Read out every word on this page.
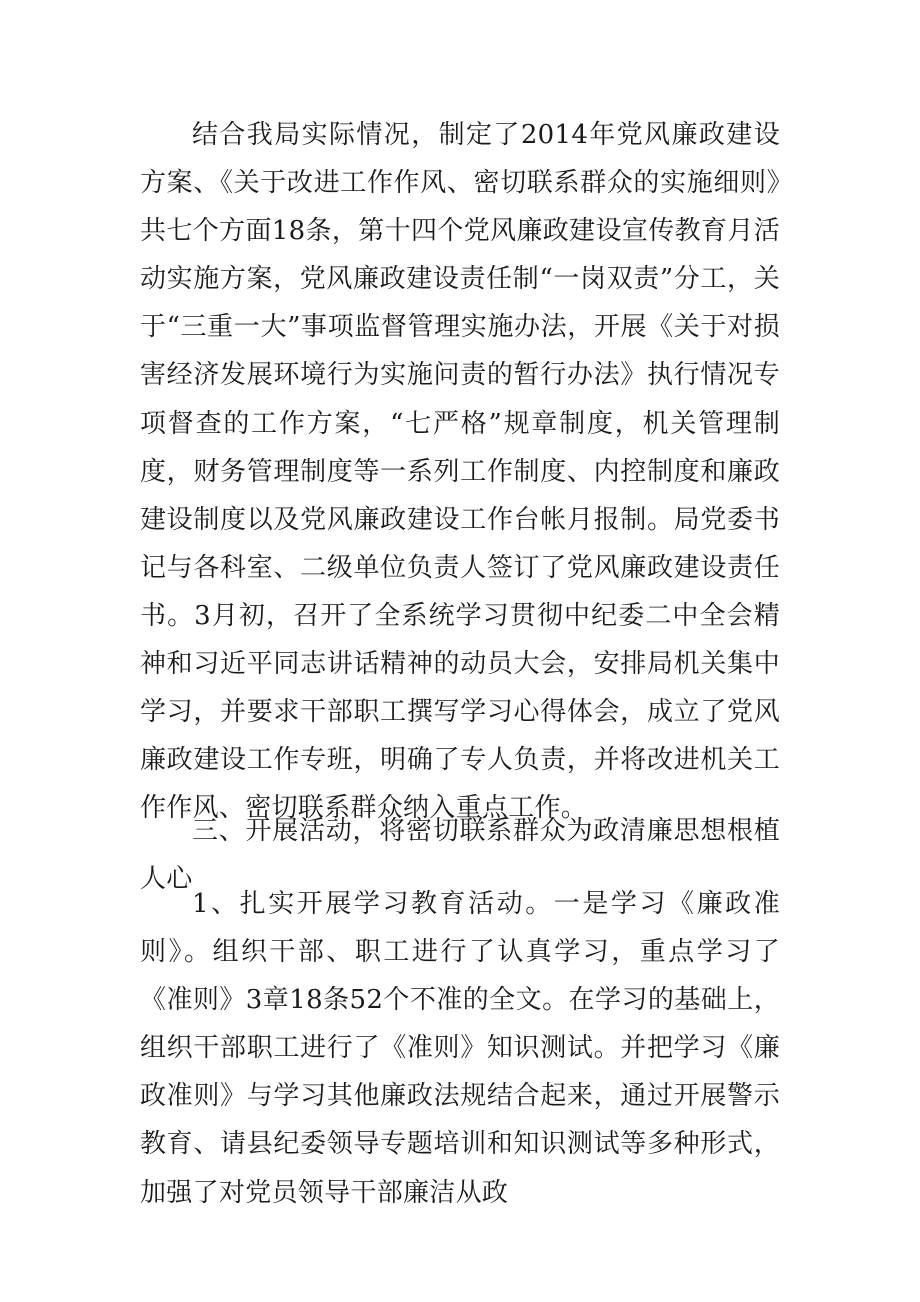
结合我局实际情况，制定了2014年党风廉政建设方案、《关于改进工作作风、密切联系群众的实施细则》共七个方面18条，第十四个党风廉政建设宣传教育月活动实施方案，党风廉政建设责任制“一岗双责”分工，关于“三重一大”事项监督管理实施办法，开展《关于对损害经济发展环境行为实施问责的暂行办法》执行情况专项督查的工作方案，“七严格”规章制度，机关管理制度，财务管理制度等一系列工作制度、内控制度和廉政建设制度以及党风廉政建设工作台帐月报制。局党委书记与各科室、二级单位负责人签订了党风廉政建设责任书。3月初，召开了全系统学习贯彻中纪委二中全会精神和习近平同志讲话精神的动员大会，安排局机关集中学习，并要求干部职工撰写学习心得体会，成立了党风廉政建设工作专班，明确了专人负责，并将改进机关工作作风、密切联系群众纳入重点工作。

三、开展活动，将密切联系群众为政清廉思想根植人心

1、扎实开展学习教育活动。一是学习《廉政准则》。组织干部、职工进行了认真学习，重点学习了《准则》3章18条52个不准的全文。在学习的基础上，组织干部职工进行了《准则》知识测试。并把学习《廉政准则》与学习其他廉政法规结合起来，通过开展警示教育、请县纪委领导专题培训和知识测试等多种形式，加强了对党员领导干部廉洁从政
